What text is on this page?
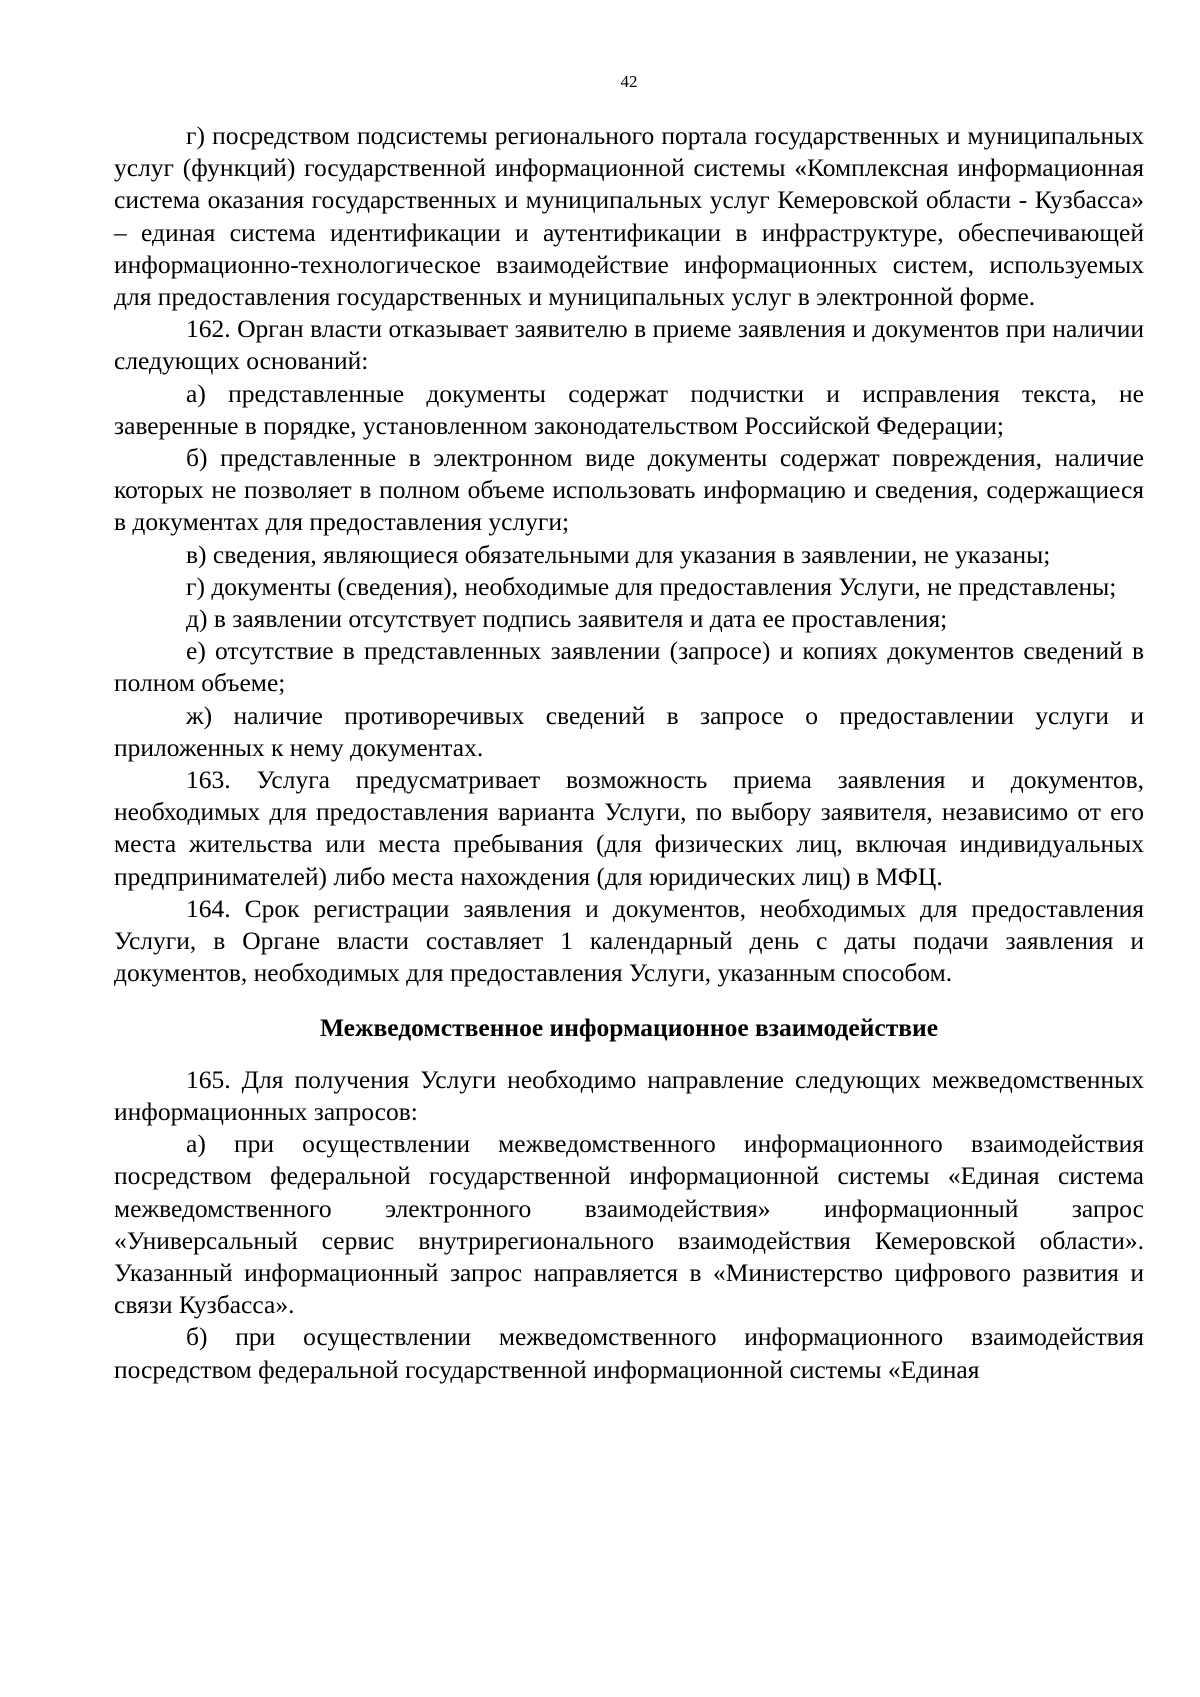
42

г) посредством подсистемы регионального портала государственных и муниципальных услуг (функций) государственной информационной системы «Комплексная информационная система оказания государственных и муниципальных услуг Кемеровской области - Кузбасса» – единая система идентификации и аутентификации в инфраструктуре, обеспечивающей информационно-технологическое взаимодействие информационных систем, используемых для предоставления государственных и муниципальных услуг в электронной форме.

162. Орган власти отказывает заявителю в приеме заявления и документов при наличии следующих оснований:

а) представленные документы содержат подчистки и исправления текста, не заверенные в порядке, установленном законодательством Российской Федерации;

б) представленные в электронном виде документы содержат повреждения, наличие которых не позволяет в полном объеме использовать информацию и сведения, содержащиеся в документах для предоставления услуги;

в) сведения, являющиеся обязательными для указания в заявлении, не указаны;

г) документы (сведения), необходимые для предоставления Услуги, не представлены;

д) в заявлении отсутствует подпись заявителя и дата ее проставления;

е) отсутствие в представленных заявлении (запросе) и копиях документов сведений в полном объеме;

ж) наличие противоречивых сведений в запросе о предоставлении услуги и приложенных к нему документах.

163. Услуга предусматривает возможность приема заявления и документов, необходимых для предоставления варианта Услуги, по выбору заявителя, независимо от его места жительства или места пребывания (для физических лиц, включая индивидуальных предпринимателей) либо места нахождения (для юридических лиц) в МФЦ.

164. Срок регистрации заявления и документов, необходимых для предоставления Услуги, в Органе власти составляет 1 календарный день с даты подачи заявления и документов, необходимых для предоставления Услуги, указанным способом.

Межведомственное информационное взаимодействие

165. Для получения Услуги необходимо направление следующих межведомственных информационных запросов:

а) при осуществлении межведомственного информационного взаимодействия посредством федеральной государственной информационной системы «Единая система межведомственного электронного взаимодействия» информационный запрос «Универсальный сервис внутрирегионального взаимодействия Кемеровской области». Указанный информационный запрос направляется в «Министерство цифрового развития и связи Кузбасса».

б) при осуществлении межведомственного информационного взаимодействия посредством федеральной государственной информационной системы «Единая
